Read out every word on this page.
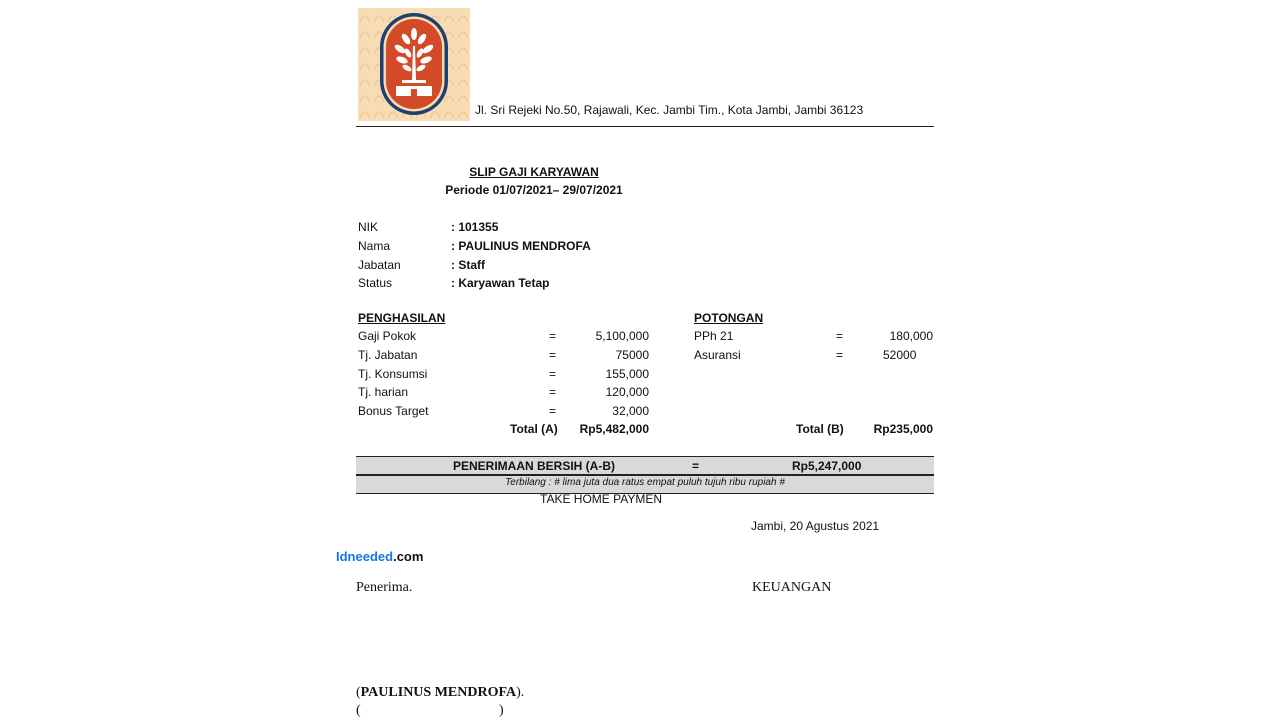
Jl. Sri Rejeki No.50, Rajawali, Kec. Jambi Tim., Kota Jambi, Jambi 36123
SLIP GAJI KARYAWAN
Periode 01/07/2021– 29/07/2021
NIK	: 101355
Nama	: PAULINUS MENDROFA
Jabatan	: Staff
Status	: Karyawan Tetap
PENGHASILAN
Gaji Pokok	=	5,100,000
Tj. Jabatan	=	75000
Tj. Konsumsi	=	155,000
Tj. harian	=	120,000
Bonus Target	=	32,000
Total (A)	Rp5,482,000
POTONGAN
PPh 21	=	180,000
Asuransi	=	52000
Total (B)	Rp235,000
PENERIMAAN BERSIH (A-B)	=	Rp5,247,000
Terbilang : # lima juta dua ratus empat puluh tujuh ribu rupiah #
TAKE HOME PAYMEN
Jambi, 20 Agustus 2021
Idneeded.com
Penerima.	KEUANGAN
(PAULINUS MENDROFA).
(	)
